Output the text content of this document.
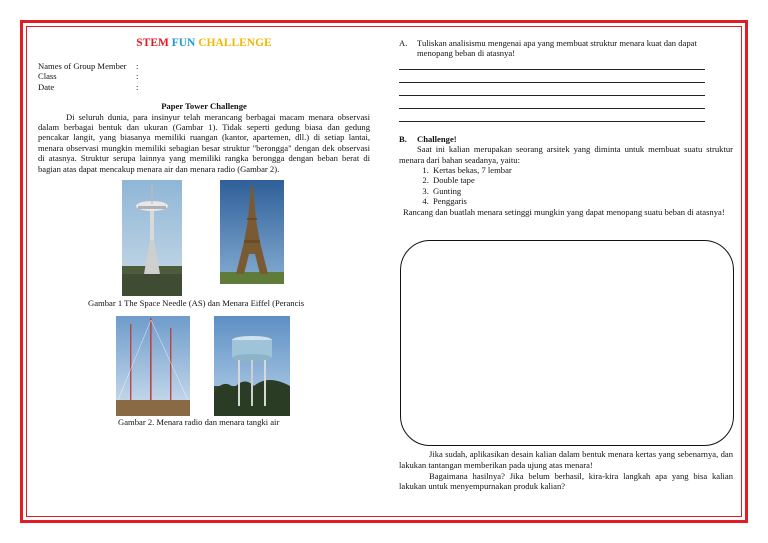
STEM FUN CHALLENGE
Names of Group Member	:
Class	:
Date	:
Paper Tower Challenge
Di seluruh dunia, para insinyur telah merancang berbagai macam menara observasi dalam berbagai bentuk dan ukuran (Gambar 1). Tidak seperti gedung biasa dan gedung pencakar langit, yang biasanya memiliki ruangan (kantor, apartemen, dll.) di setiap lantai, menara observasi mungkin memiliki sebagian besar struktur "berongga" dengan dek observasi di atasnya. Struktur serupa lainnya yang memiliki rangka berongga dengan beban berat di bagian atas dapat mencakup menara air dan menara radio (Gambar 2).
Gambar 1 The Space Needle (AS) dan Menara Eiffel (Perancis
Gambar 2. Menara radio dan menara tangki air
A.	Tuliskan analisismu mengenai apa yang membuat struktur menara kuat dan dapat menopang beban di atasnya!
B.	Challenge!
Saat ini kalian merupakan seorang arsitek yang diminta untuk membuat suatu struktur menara dari bahan seadanya, yaitu:
1. Kertas bekas, 7 lembar
2. Double tape
3. Gunting
4. Penggaris
Rancang dan buatlah menara setinggi mungkin yang dapat menopang suatu beban di atasnya!
Jika sudah, aplikasikan desain kalian dalam bentuk menara kertas yang sebenarnya, dan lakukan tantangan memberikan pada ujung atas menara!
Bagaimana hasilnya? Jika belum berhasil, kira-kira langkah apa yang bisa kalian lakukan untuk menyempurnakan produk kalian?
